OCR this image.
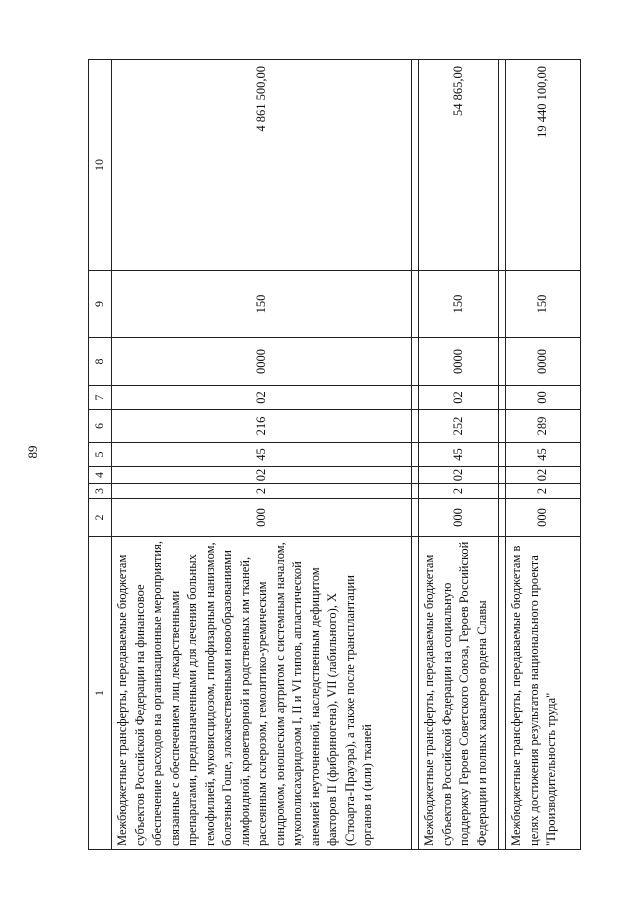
89
1	2	3	4	5	6	7	8	9	10
Межбюджетные трансферты, передаваемые бюджетам субъектов Российской Федерации на финансовое обеспечение расходов на организационные мероприятия, связанные с обеспечением лиц лекарственными препаратами, предназначенными для лечения больных гемофилией, муковисцидозом, гипофизарным нанизмом, болезнью Гоше, злокачественными новообразованиями лимфоидной, кроветворной и родственных им тканей, рассеянным склерозом, гемолитико-уремическим синдромом, юношеским артритом с системным началом, мукополисахаридозом I, II и VI типов, апластической анемией неуточненной, наследственным дефицитом факторов II (фибриногена), VII (лабильного), X (Стюарта-Прауэра), а также после трансплантации органов и (или) тканей	000	2	02	45	216	02	0000	150	4 861 500,00

Межбюджетные трансферты, передаваемые бюджетам субъектов Российской Федерации на социальную поддержку Героев Советского Союза, Героев Российской Федерации и полных кавалеров ордена Славы	000	2	02	45	252	02	0000	150	54 865,00

Межбюджетные трансферты, передаваемые бюджетам в целях достижения результатов национального проекта "Производительность труда"	000	2	02	45	289	00	0000	150	19 440 100,00
